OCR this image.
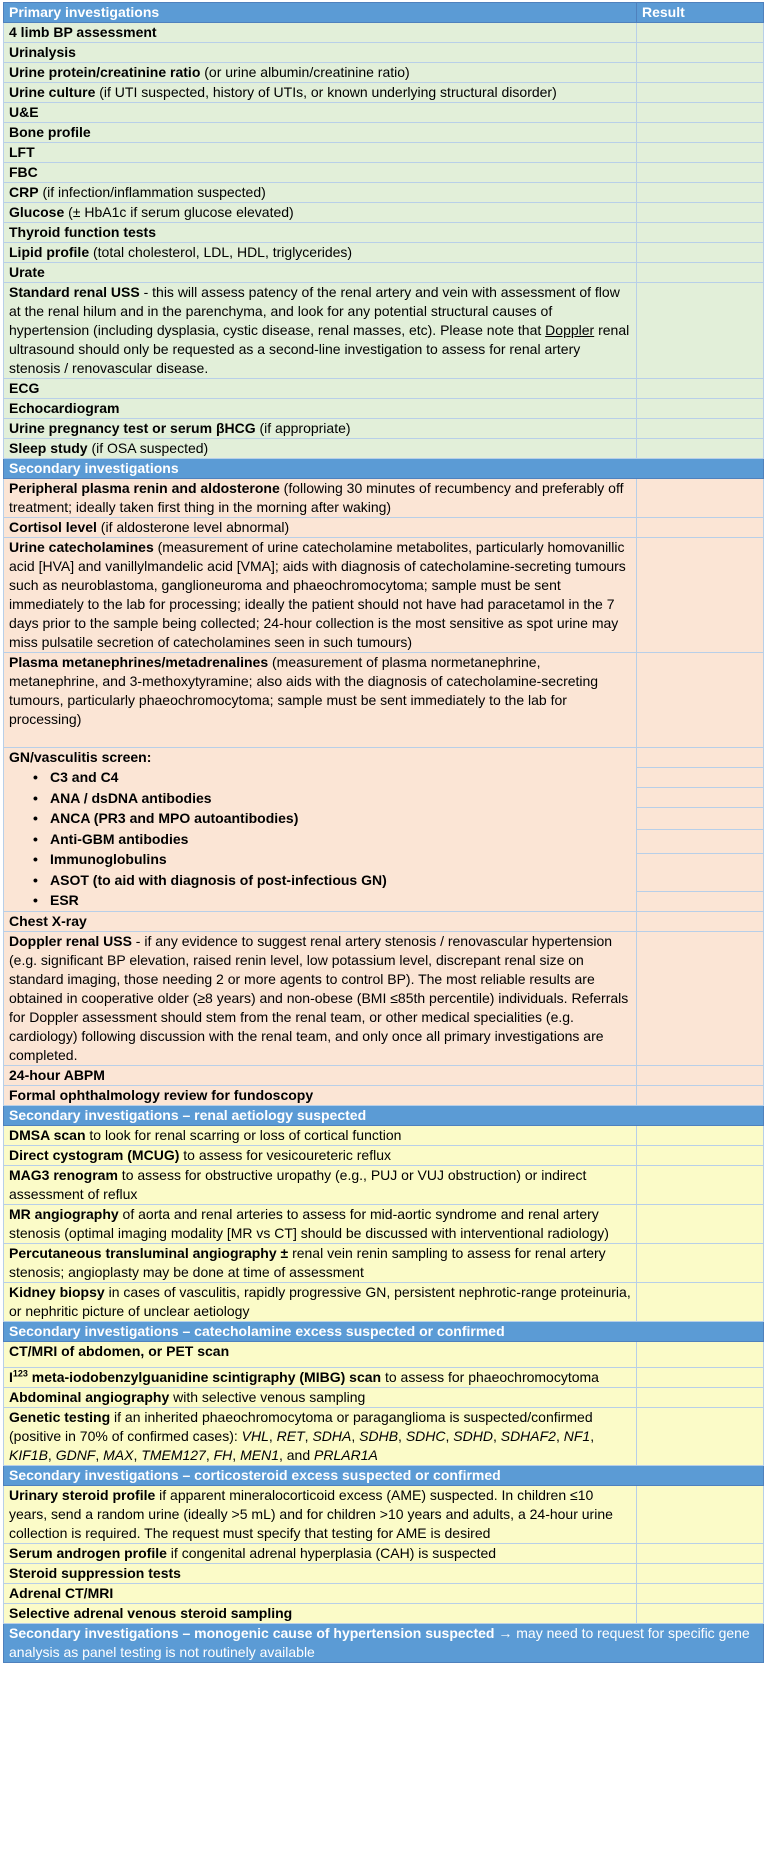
Primary investigations	Result
4 limb BP assessment	
Urinalysis	
Urine protein/creatinine ratio (or urine albumin/creatinine ratio)	
Urine culture (if UTI suspected, history of UTIs, or known underlying structural disorder)	
U&E	
Bone profile	
LFT	
FBC	
CRP (if infection/inflammation suspected)	
Glucose (± HbA1c if serum glucose elevated)	
Thyroid function tests	
Lipid profile (total cholesterol, LDL, HDL, triglycerides)	
Urate	
Standard renal USS - this will assess patency of the renal artery and vein with assessment of flow at the renal hilum and in the parenchyma, and look for any potential structural causes of hypertension (including dysplasia, cystic disease, renal masses, etc). Please note that Doppler renal ultrasound should only be requested as a second-line investigation to assess for renal artery stenosis / renovascular disease.	
ECG	
Echocardiogram	
Urine pregnancy test or serum βHCG (if appropriate)	
Sleep study (if OSA suspected)	
Secondary investigations	
Peripheral plasma renin and aldosterone (following 30 minutes of recumbency and preferably off treatment; ideally taken first thing in the morning after waking)	
Cortisol level (if aldosterone level abnormal)	
Urine catecholamines (measurement of urine catecholamine metabolites, particularly homovanillic acid [HVA] and vanillylmandelic acid [VMA]; aids with diagnosis of catecholamine-secreting tumours such as neuroblastoma, ganglioneuroma and phaeochromocytoma; sample must be sent immediately to the lab for processing; ideally the patient should not have had paracetamol in the 7 days prior to the sample being collected; 24-hour collection is the most sensitive as spot urine may miss pulsatile secretion of catecholamines seen in such tumours)	
Plasma metanephrines/metadrenalines (measurement of plasma normetanephrine, metanephrine, and 3-methoxytyramine; also aids with the diagnosis of catecholamine-secreting tumours, particularly phaeochromocytoma; sample must be sent immediately to the lab for processing)	
GN/vasculitis screen:
• C3 and C4
• ANA / dsDNA antibodies
• ANCA (PR3 and MPO autoantibodies)
• Anti-GBM antibodies
• Immunoglobulins
• ASOT (to aid with diagnosis of post-infectious GN)
• ESR

Chest X-ray	
Doppler renal USS - if any evidence to suggest renal artery stenosis / renovascular hypertension (e.g. significant BP elevation, raised renin level, low potassium level, discrepant renal size on standard imaging, those needing 2 or more agents to control BP). The most reliable results are obtained in cooperative older (≥8 years) and non-obese (BMI ≤85th percentile) individuals. Referrals for Doppler assessment should stem from the renal team, or other medical specialities (e.g. cardiology) following discussion with the renal team, and only once all primary investigations are completed.	
24-hour ABPM	
Formal ophthalmology review for fundoscopy	
Secondary investigations – renal aetiology suspected	
DMSA scan to look for renal scarring or loss of cortical function	
Direct cystogram (MCUG) to assess for vesicoureteric reflux	
MAG3 renogram to assess for obstructive uropathy (e.g., PUJ or VUJ obstruction) or indirect assessment of reflux	
MR angiography of aorta and renal arteries to assess for mid-aortic syndrome and renal artery stenosis (optimal imaging modality [MR vs CT] should be discussed with interventional radiology)	
Percutaneous transluminal angiography ± renal vein renin sampling to assess for renal artery stenosis; angioplasty may be done at time of assessment	
Kidney biopsy in cases of vasculitis, rapidly progressive GN, persistent nephrotic-range proteinuria, or nephritic picture of unclear aetiology	
Secondary investigations – catecholamine excess suspected or confirmed	
CT/MRI of abdomen, or PET scan	
$I^{123}$ meta-iodobenzylguanidine scintigraphy (MIBG) scan to assess for phaeochromocytoma	
Abdominal angiography with selective venous sampling	
Genetic testing if an inherited phaeochromocytoma or paraganglioma is suspected/confirmed (positive in 70% of confirmed cases): VHL, RET, SDHA, SDHB, SDHC, SDHD, SDHAF2, NF1, KIF1B, GDNF, MAX, TMEM127, FH, MEN1, and PRLAR1A	
Secondary investigations – corticosteroid excess suspected or confirmed	
Urinary steroid profile if apparent mineralocorticoid excess (AME) suspected. In children ≤10 years, send a random urine (ideally >5 mL) and for children >10 years and adults, a 24-hour urine collection is required. The request must specify that testing for AME is desired	
Serum androgen profile if congenital adrenal hyperplasia (CAH) is suspected	
Steroid suppression tests	
Adrenal CT/MRI	
Selective adrenal venous steroid sampling	
Secondary investigations – monogenic cause of hypertension suspected → may need to request for specific gene analysis as panel testing is not routinely available	
